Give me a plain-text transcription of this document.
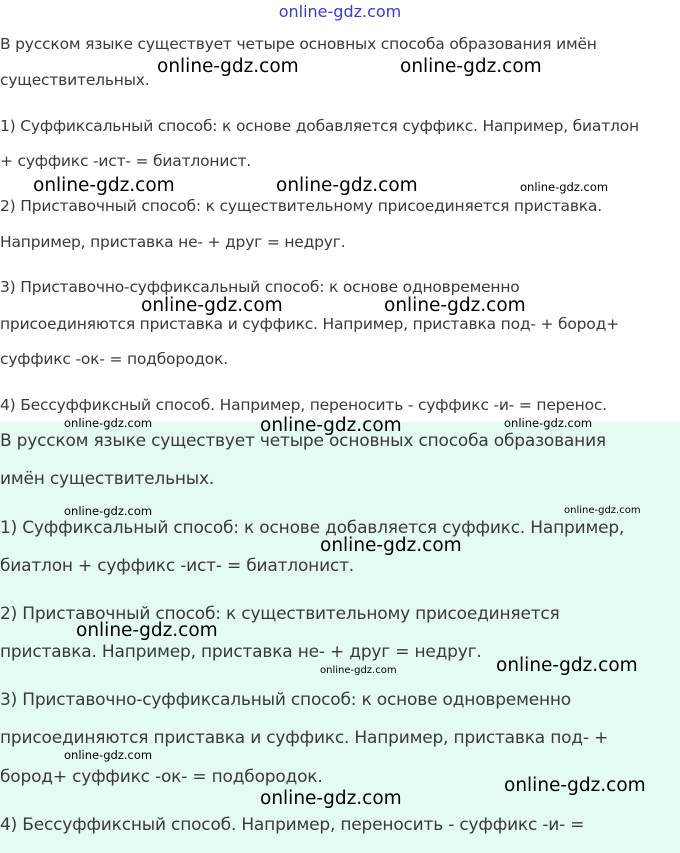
online-gdz.com
В русском языке существует четыре основных способа образования имён
существительных.
1) Суффиксальный способ: к основе добавляется суффикс. Например, биатлон
+ суффикс -ист- = биатлонист.
2) Приставочный способ: к существительному присоединяется приставка.
Например, приставка не- + друг = недруг.
3) Приставочно-суффиксальный способ: к основе одновременно
присоединяются приставка и суффикс. Например, приставка под- + бород+
суффикс -ок- = подбородок.
4) Бессуффиксный способ. Например, переносить - суффикс -и- = перенос.
В русском языке существует четыре основных способа образования
имён существительных.
1) Суффиксальный способ: к основе добавляется суффикс. Например,
биатлон + суффикс -ист- = биатлонист.
2) Приставочный способ: к существительному присоединяется
приставка. Например, приставка не- + друг = недруг.
3) Приставочно-суффиксальный способ: к основе одновременно
присоединяются приставка и суффикс. Например, приставка под- +
бород+ суффикс -ок- = подбородок.
4) Бессуффиксный способ. Например, переносить - суффикс -и- =
online-gdz.com	online-gdz.com
online-gdz.com	online-gdz.com	online-gdz.com
online-gdz.com	online-gdz.com
online-gdz.com	online-gdz.com	online-gdz.com
online-gdz.com	online-gdz.com
online-gdz.com
online-gdz.com
online-gdz.com	online-gdz.com
online-gdz.com
online-gdz.com
online-gdz.com
